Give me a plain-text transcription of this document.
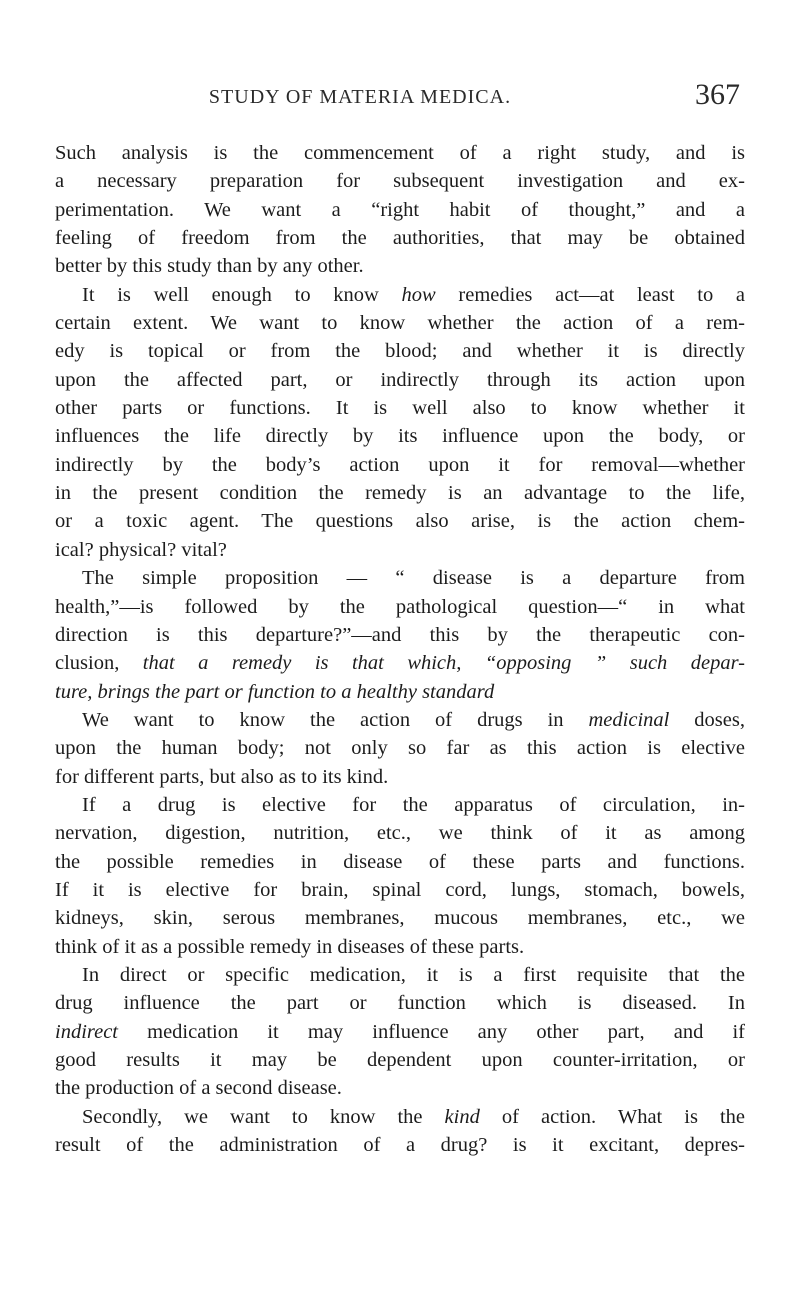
STUDY OF MATERIA MEDICA.	367
Such analysis is the commencement of a right study, and is
a necessary preparation for subsequent investigation and ex-
perimentation. We want a “right habit of thought,” and a
feeling of freedom from the authorities, that may be obtained
better by this study than by any other.
It is well enough to know how remedies act—at least to a
certain extent. We want to know whether the action of a rem-
edy is topical or from the blood; and whether it is directly
upon the affected part, or indirectly through its action upon
other parts or functions. It is well also to know whether it
influences the life directly by its influence upon the body, or
indirectly by the body’s action upon it for removal—whether
in the present condition the remedy is an advantage to the life,
or a toxic agent. The questions also arise, is the action chem-
ical? physical? vital?
The simple proposition — “ disease is a departure from
health,”—is followed by the pathological question—“ in what
direction is this departure?”—and this by the therapeutic con-
clusion, that a remedy is that which, “opposing ” such depar-
ture, brings the part or function to a healthy standard
We want to know the action of drugs in medicinal doses,
upon the human body; not only so far as this action is elective
for different parts, but also as to its kind.
If a drug is elective for the apparatus of circulation, in-
nervation, digestion, nutrition, etc., we think of it as among
the possible remedies in disease of these parts and functions.
If it is elective for brain, spinal cord, lungs, stomach, bowels,
kidneys, skin, serous membranes, mucous membranes, etc., we
think of it as a possible remedy in diseases of these parts.
In direct or specific medication, it is a first requisite that the
drug influence the part or function which is diseased. In
indirect medication it may influence any other part, and if
good results it may be dependent upon counter-irritation, or
the production of a second disease.
Secondly, we want to know the kind of action. What is the
result of the administration of a drug? is it excitant, depres-
